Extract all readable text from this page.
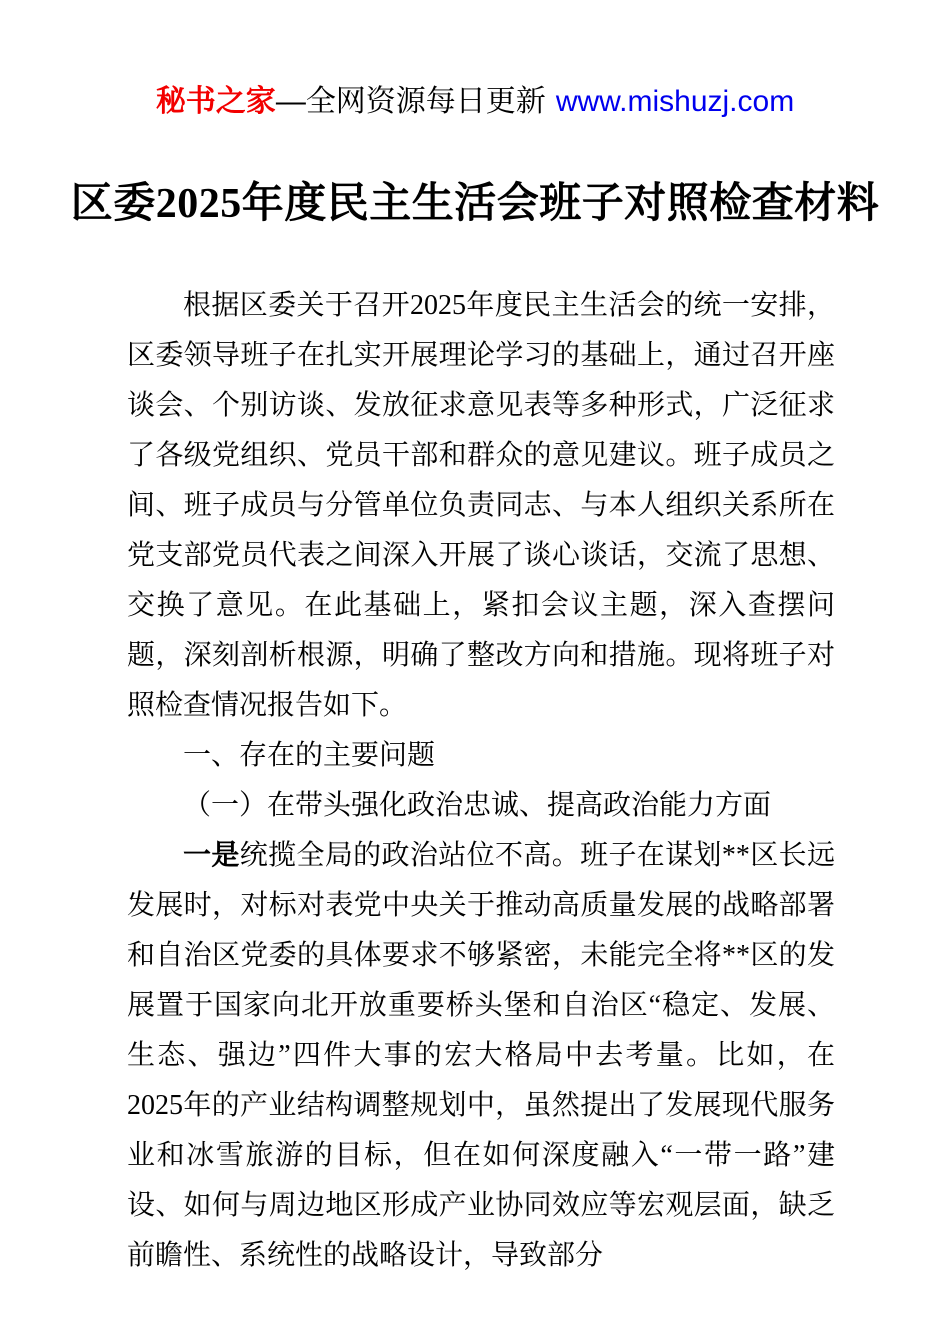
秘书之家—全网资源每日更新 www.mishuzj.com
区委2025年度民主生活会班子对照检查材料

根据区委关于召开2025年度民主生活会的统一安排，区委领导班子在扎实开展理论学习的基础上，通过召开座谈会、个别访谈、发放征求意见表等多种形式，广泛征求了各级党组织、党员干部和群众的意见建议。班子成员之间、班子成员与分管单位负责同志、与本人组织关系所在党支部党员代表之间深入开展了谈心谈话，交流了思想、交换了意见。在此基础上，紧扣会议主题，深入查摆问题，深刻剖析根源，明确了整改方向和措施。现将班子对照检查情况报告如下。

一、存在的主要问题

（一）在带头强化政治忠诚、提高政治能力方面

一是统揽全局的政治站位不高。班子在谋划**区长远发展时，对标对表党中央关于推动高质量发展的战略部署和自治区党委的具体要求不够紧密，未能完全将**区的发展置于国家向北开放重要桥头堡和自治区“稳定、发展、生态、强边”四件大事的宏大格局中去考量。比如，在2025年的产业结构调整规划中，虽然提出了发展现代服务业和冰雪旅游的目标，但在如何深度融入“一带一路”建设、如何与周边地区形成产业协同效应等宏观层面，缺乏前瞻性、系统性的战略设计，导致部分
